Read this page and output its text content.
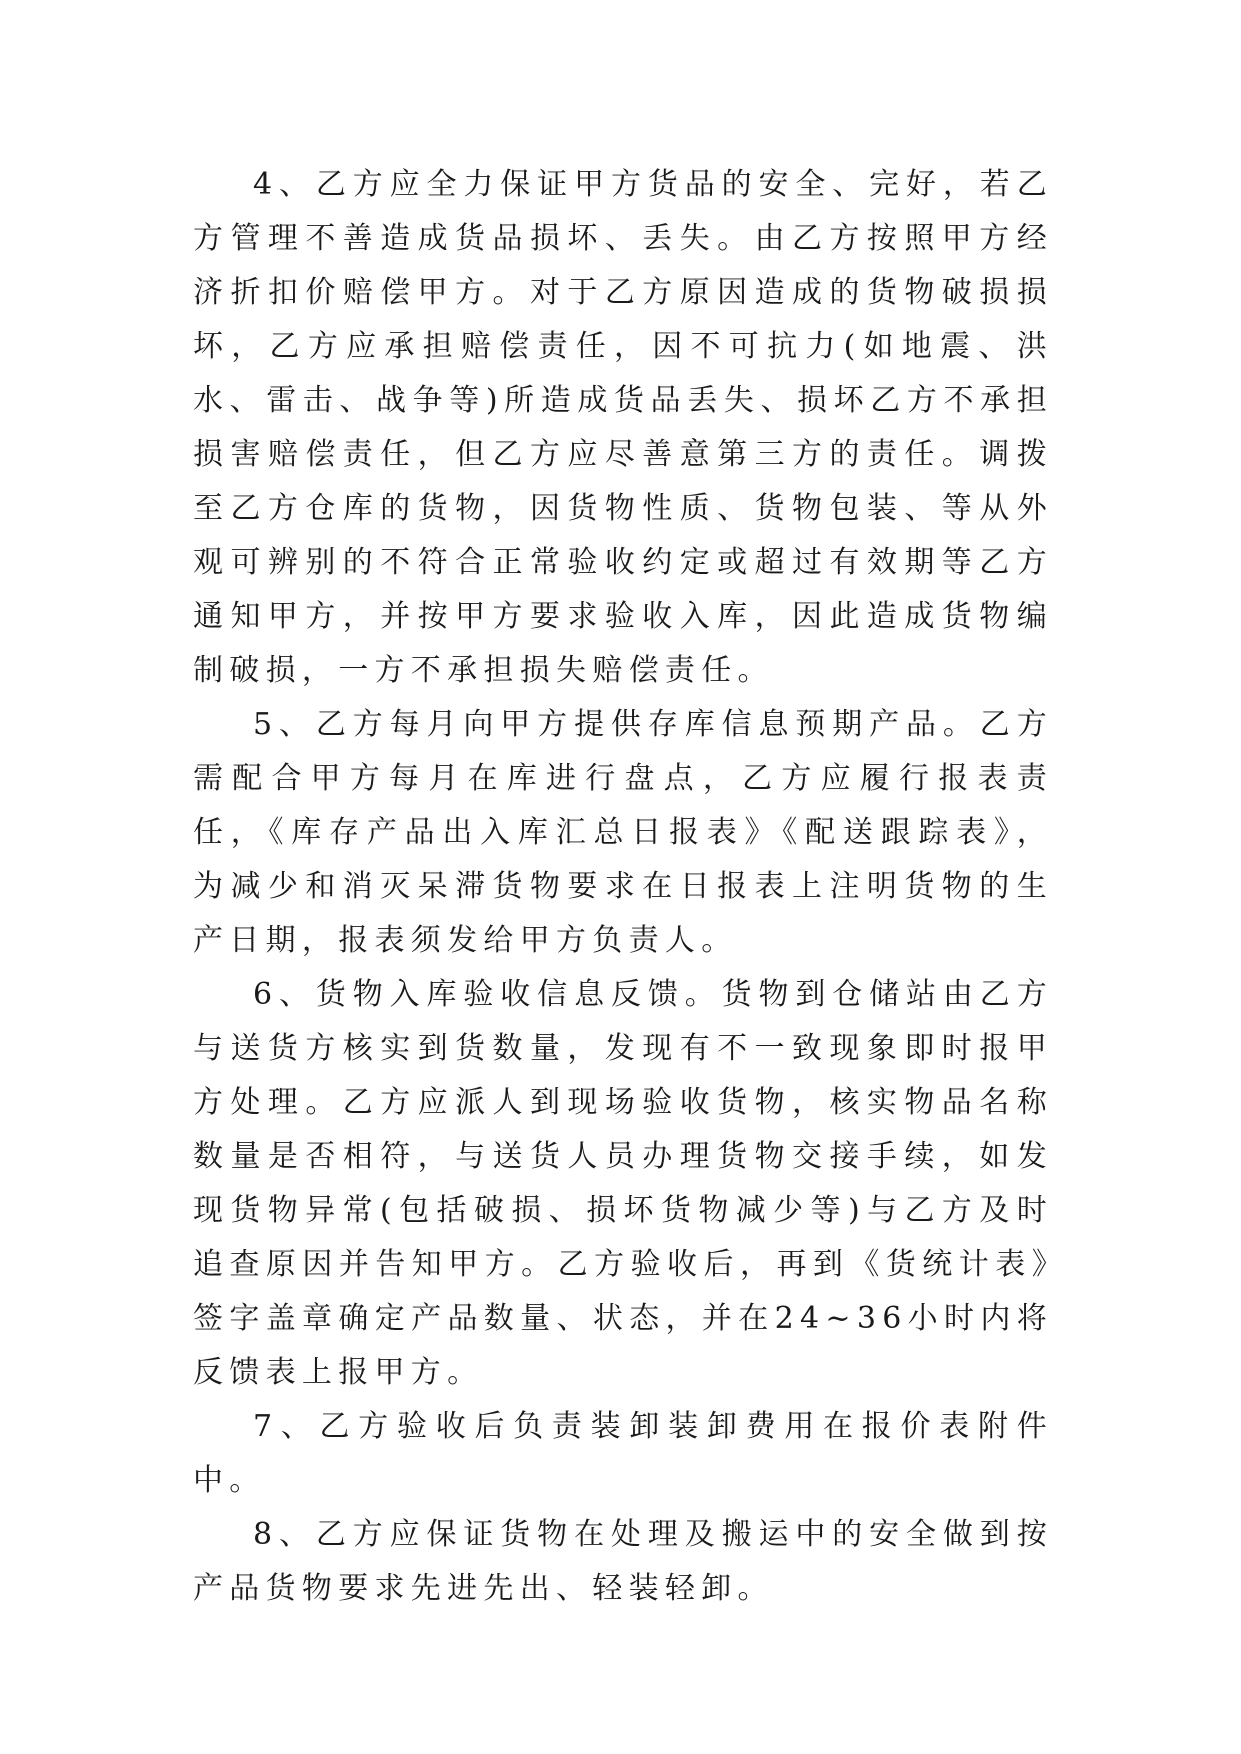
4、乙方应全力保证甲方货品的安全、完好，若乙方管理不善造成货品损坏、丢失。由乙方按照甲方经济折扣价赔偿甲方。对于乙方原因造成的货物破损损坏，乙方应承担赔偿责任，因不可抗力(如地震、洪水、雷击、战争等)所造成货品丢失、损坏乙方不承担损害赔偿责任，但乙方应尽善意第三方的责任。调拨至乙方仓库的货物，因货物性质、货物包装、等从外观可辨别的不符合正常验收约定或超过有效期等乙方通知甲方，并按甲方要求验收入库，因此造成货物编制破损，一方不承担损失赔偿责任。

5、乙方每月向甲方提供存库信息预期产品。乙方需配合甲方每月在库进行盘点，乙方应履行报表责任，《库存产品出入库汇总日报表》《配送跟踪表》，为减少和消灭呆滞货物要求在日报表上注明货物的生产日期，报表须发给甲方负责人。

6、货物入库验收信息反馈。货物到仓储站由乙方与送货方核实到货数量，发现有不一致现象即时报甲方处理。乙方应派人到现场验收货物，核实物品名称数量是否相符，与送货人员办理货物交接手续，如发现货物异常(包括破损、损坏货物减少等)与乙方及时追查原因并告知甲方。乙方验收后，再到《货统计表》签字盖章确定产品数量、状态，并在24~36小时内将反馈表上报甲方。

7、乙方验收后负责装卸装卸费用在报价表附件中。

8、乙方应保证货物在处理及搬运中的安全做到按产品货物要求先进先出、轻装轻卸。
